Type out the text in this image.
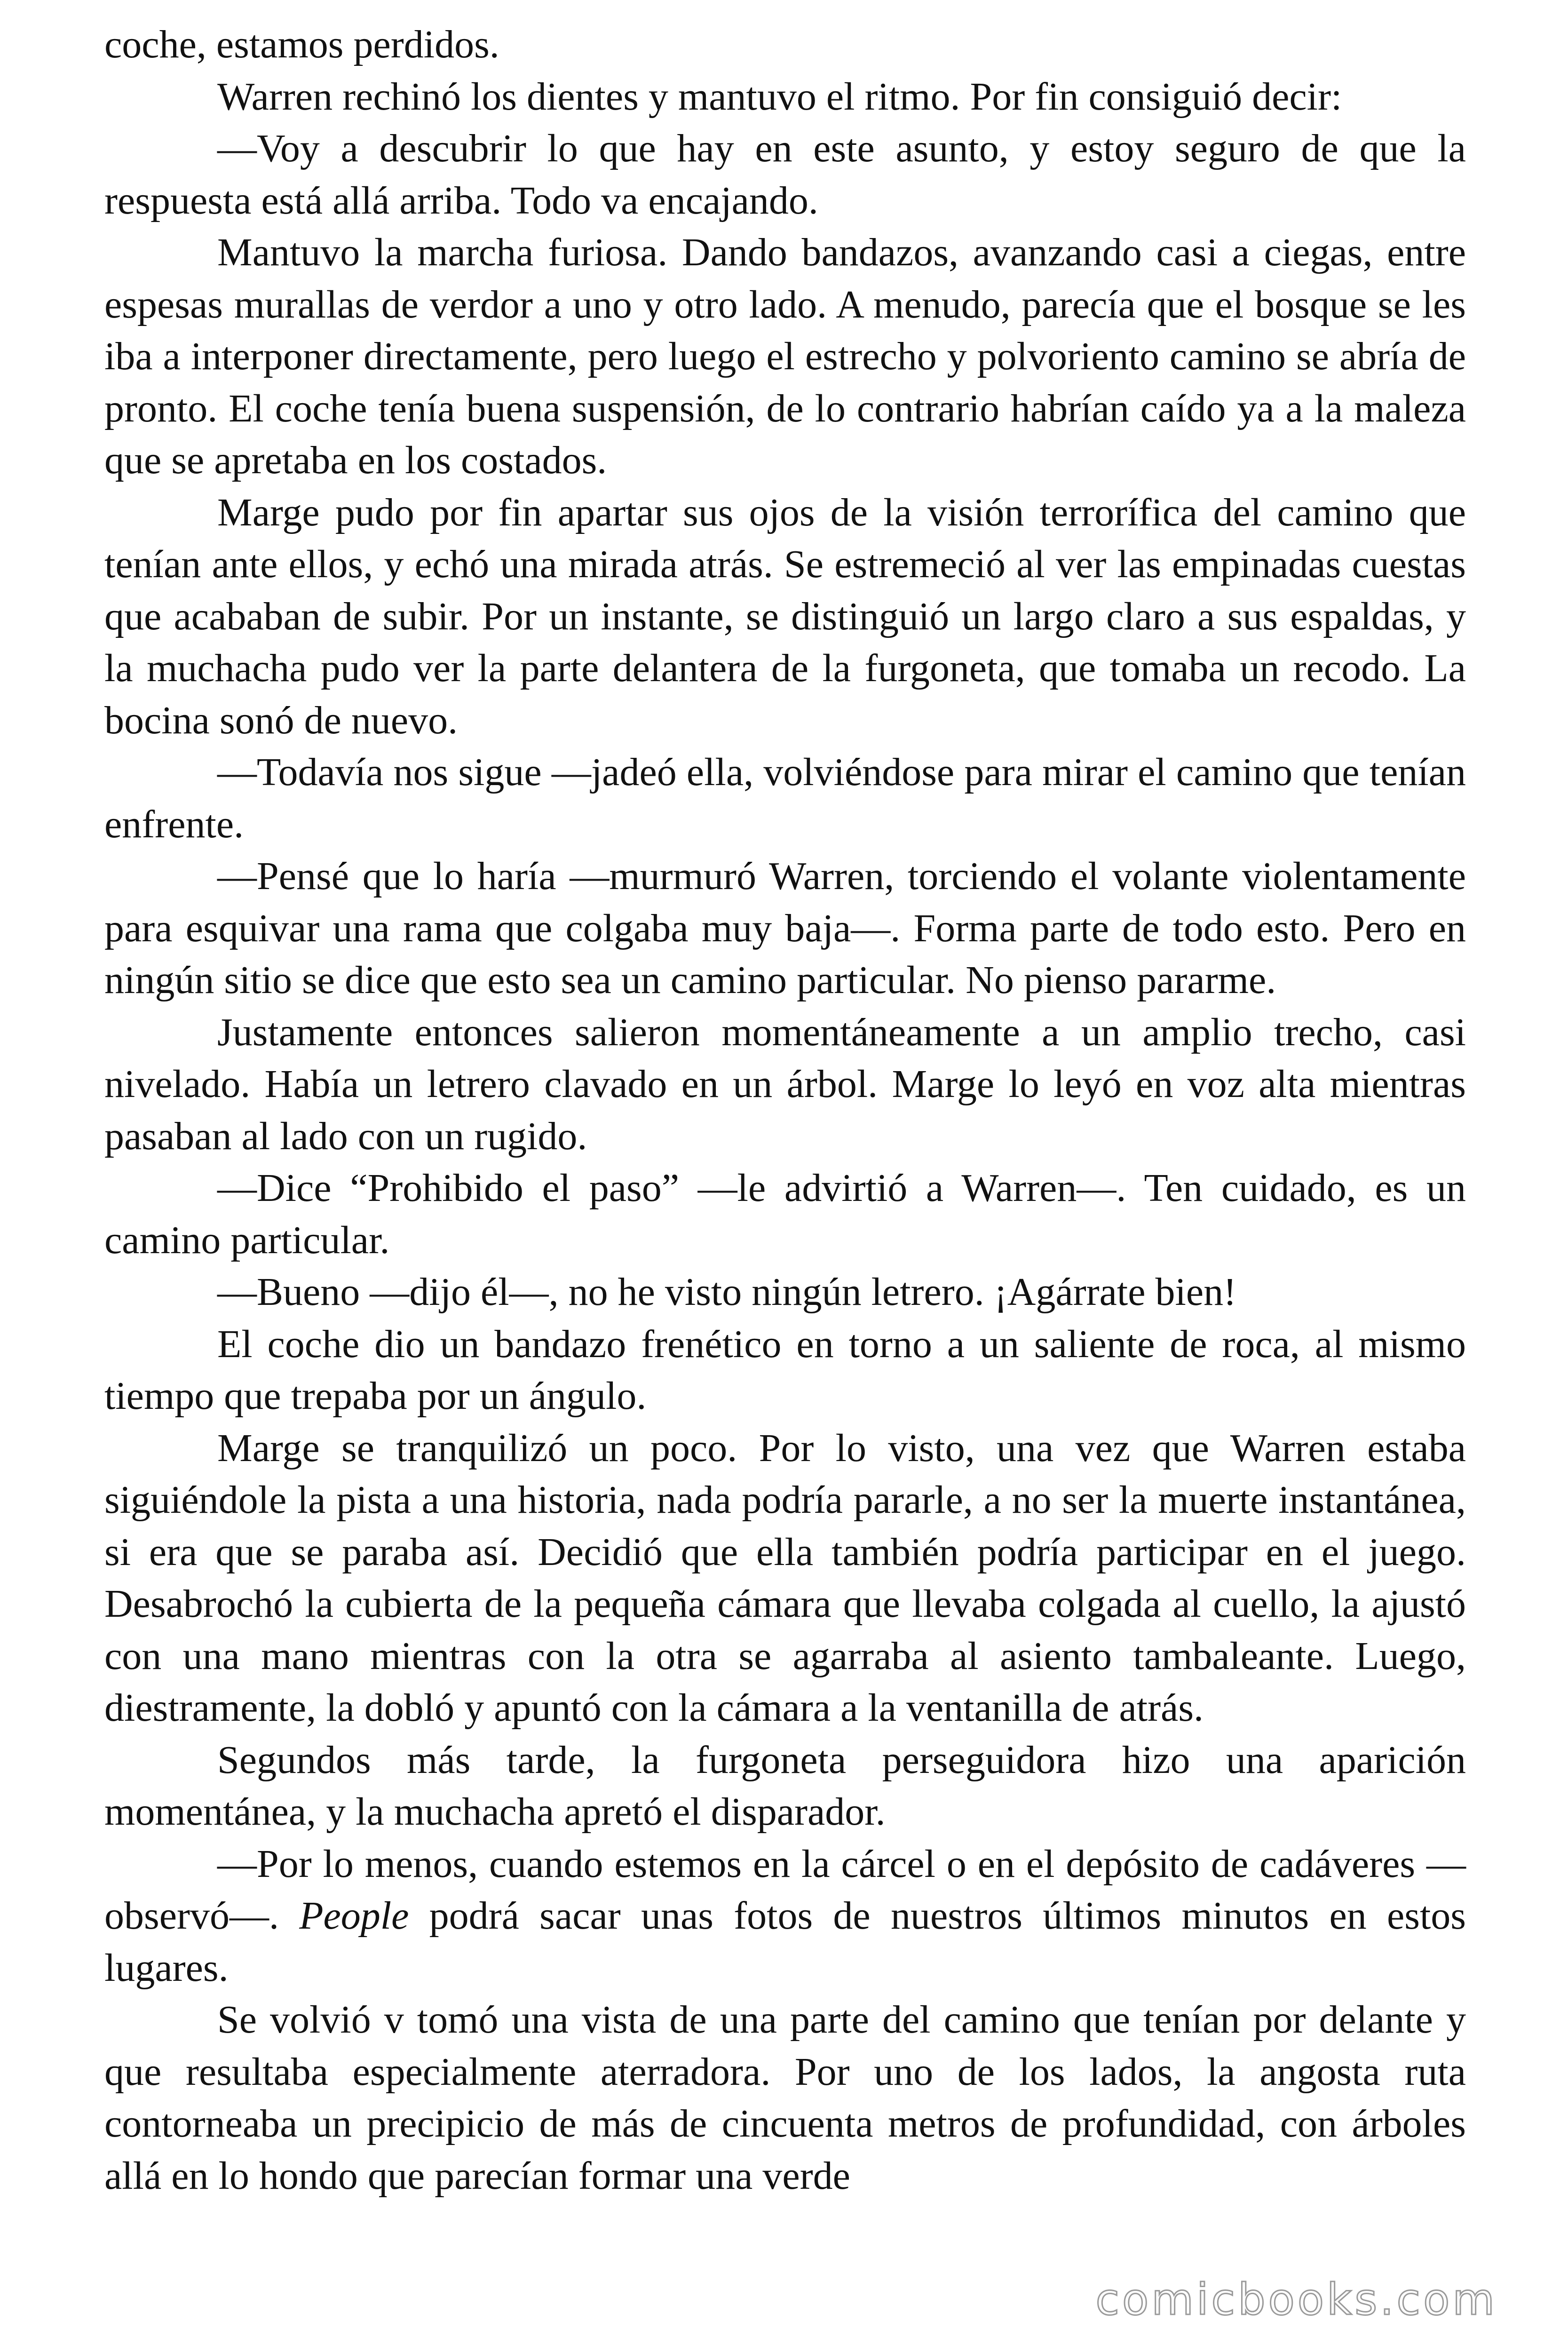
coche, estamos perdidos.

Warren rechinó los dientes y mantuvo el ritmo. Por fin consiguió decir:

—Voy a descubrir lo que hay en este asunto, y estoy seguro de que la respuesta está allá arriba. Todo va encajando.

Mantuvo la marcha furiosa. Dando bandazos, avanzando casi a ciegas, entre espesas murallas de verdor a uno y otro lado. A menudo, parecía que el bosque se les iba a interponer directamente, pero luego el estrecho y polvoriento camino se abría de pronto. El coche tenía buena suspensión, de lo contrario habrían caído ya a la maleza que se apretaba en los costados.

Marge pudo por fin apartar sus ojos de la visión terrorífica del camino que tenían ante ellos, y echó una mirada atrás. Se estremeció al ver las empinadas cuestas que acababan de subir. Por un instante, se distinguió un largo claro a sus espaldas, y la muchacha pudo ver la parte delantera de la furgoneta, que tomaba un recodo. La bocina sonó de nuevo.

—Todavía nos sigue —jadeó ella, volviéndose para mirar el camino que tenían enfrente.

—Pensé que lo haría —murmuró Warren, torciendo el volante violentamente para esquivar una rama que colgaba muy baja—. Forma parte de todo esto. Pero en ningún sitio se dice que esto sea un camino particular. No pienso pararme.

Justamente entonces salieron momentáneamente a un amplio trecho, casi nivelado. Había un letrero clavado en un árbol. Marge lo leyó en voz alta mientras pasaban al lado con un rugido.

—Dice “Prohibido el paso” —le advirtió a Warren—. Ten cuidado, es un camino particular.

—Bueno —dijo él—, no he visto ningún letrero. ¡Agárrate bien!

El coche dio un bandazo frenético en torno a un saliente de roca, al mismo tiempo que trepaba por un ángulo.

Marge se tranquilizó un poco. Por lo visto, una vez que Warren estaba siguiéndole la pista a una historia, nada podría pararle, a no ser la muerte instantánea, si era que se paraba así. Decidió que ella también podría participar en el juego. Desabrochó la cubierta de la pequeña cámara que llevaba colgada al cuello, la ajustó con una mano mientras con la otra se agarraba al asiento tambaleante. Luego, diestramente, la dobló y apuntó con la cámara a la ventanilla de atrás.

Segundos más tarde, la furgoneta perseguidora hizo una aparición momentánea, y la muchacha apretó el disparador.

—Por lo menos, cuando estemos en la cárcel o en el depósito de cadáveres —observó—. People podrá sacar unas fotos de nuestros últimos minutos en estos lugares.

Se volvió v tomó una vista de una parte del camino que tenían por delante y que resultaba especialmente aterradora. Por uno de los lados, la angosta ruta contorneaba un precipicio de más de cincuenta metros de profundidad, con árboles allá en lo hondo que parecían formar una verde

comicbooks.com
